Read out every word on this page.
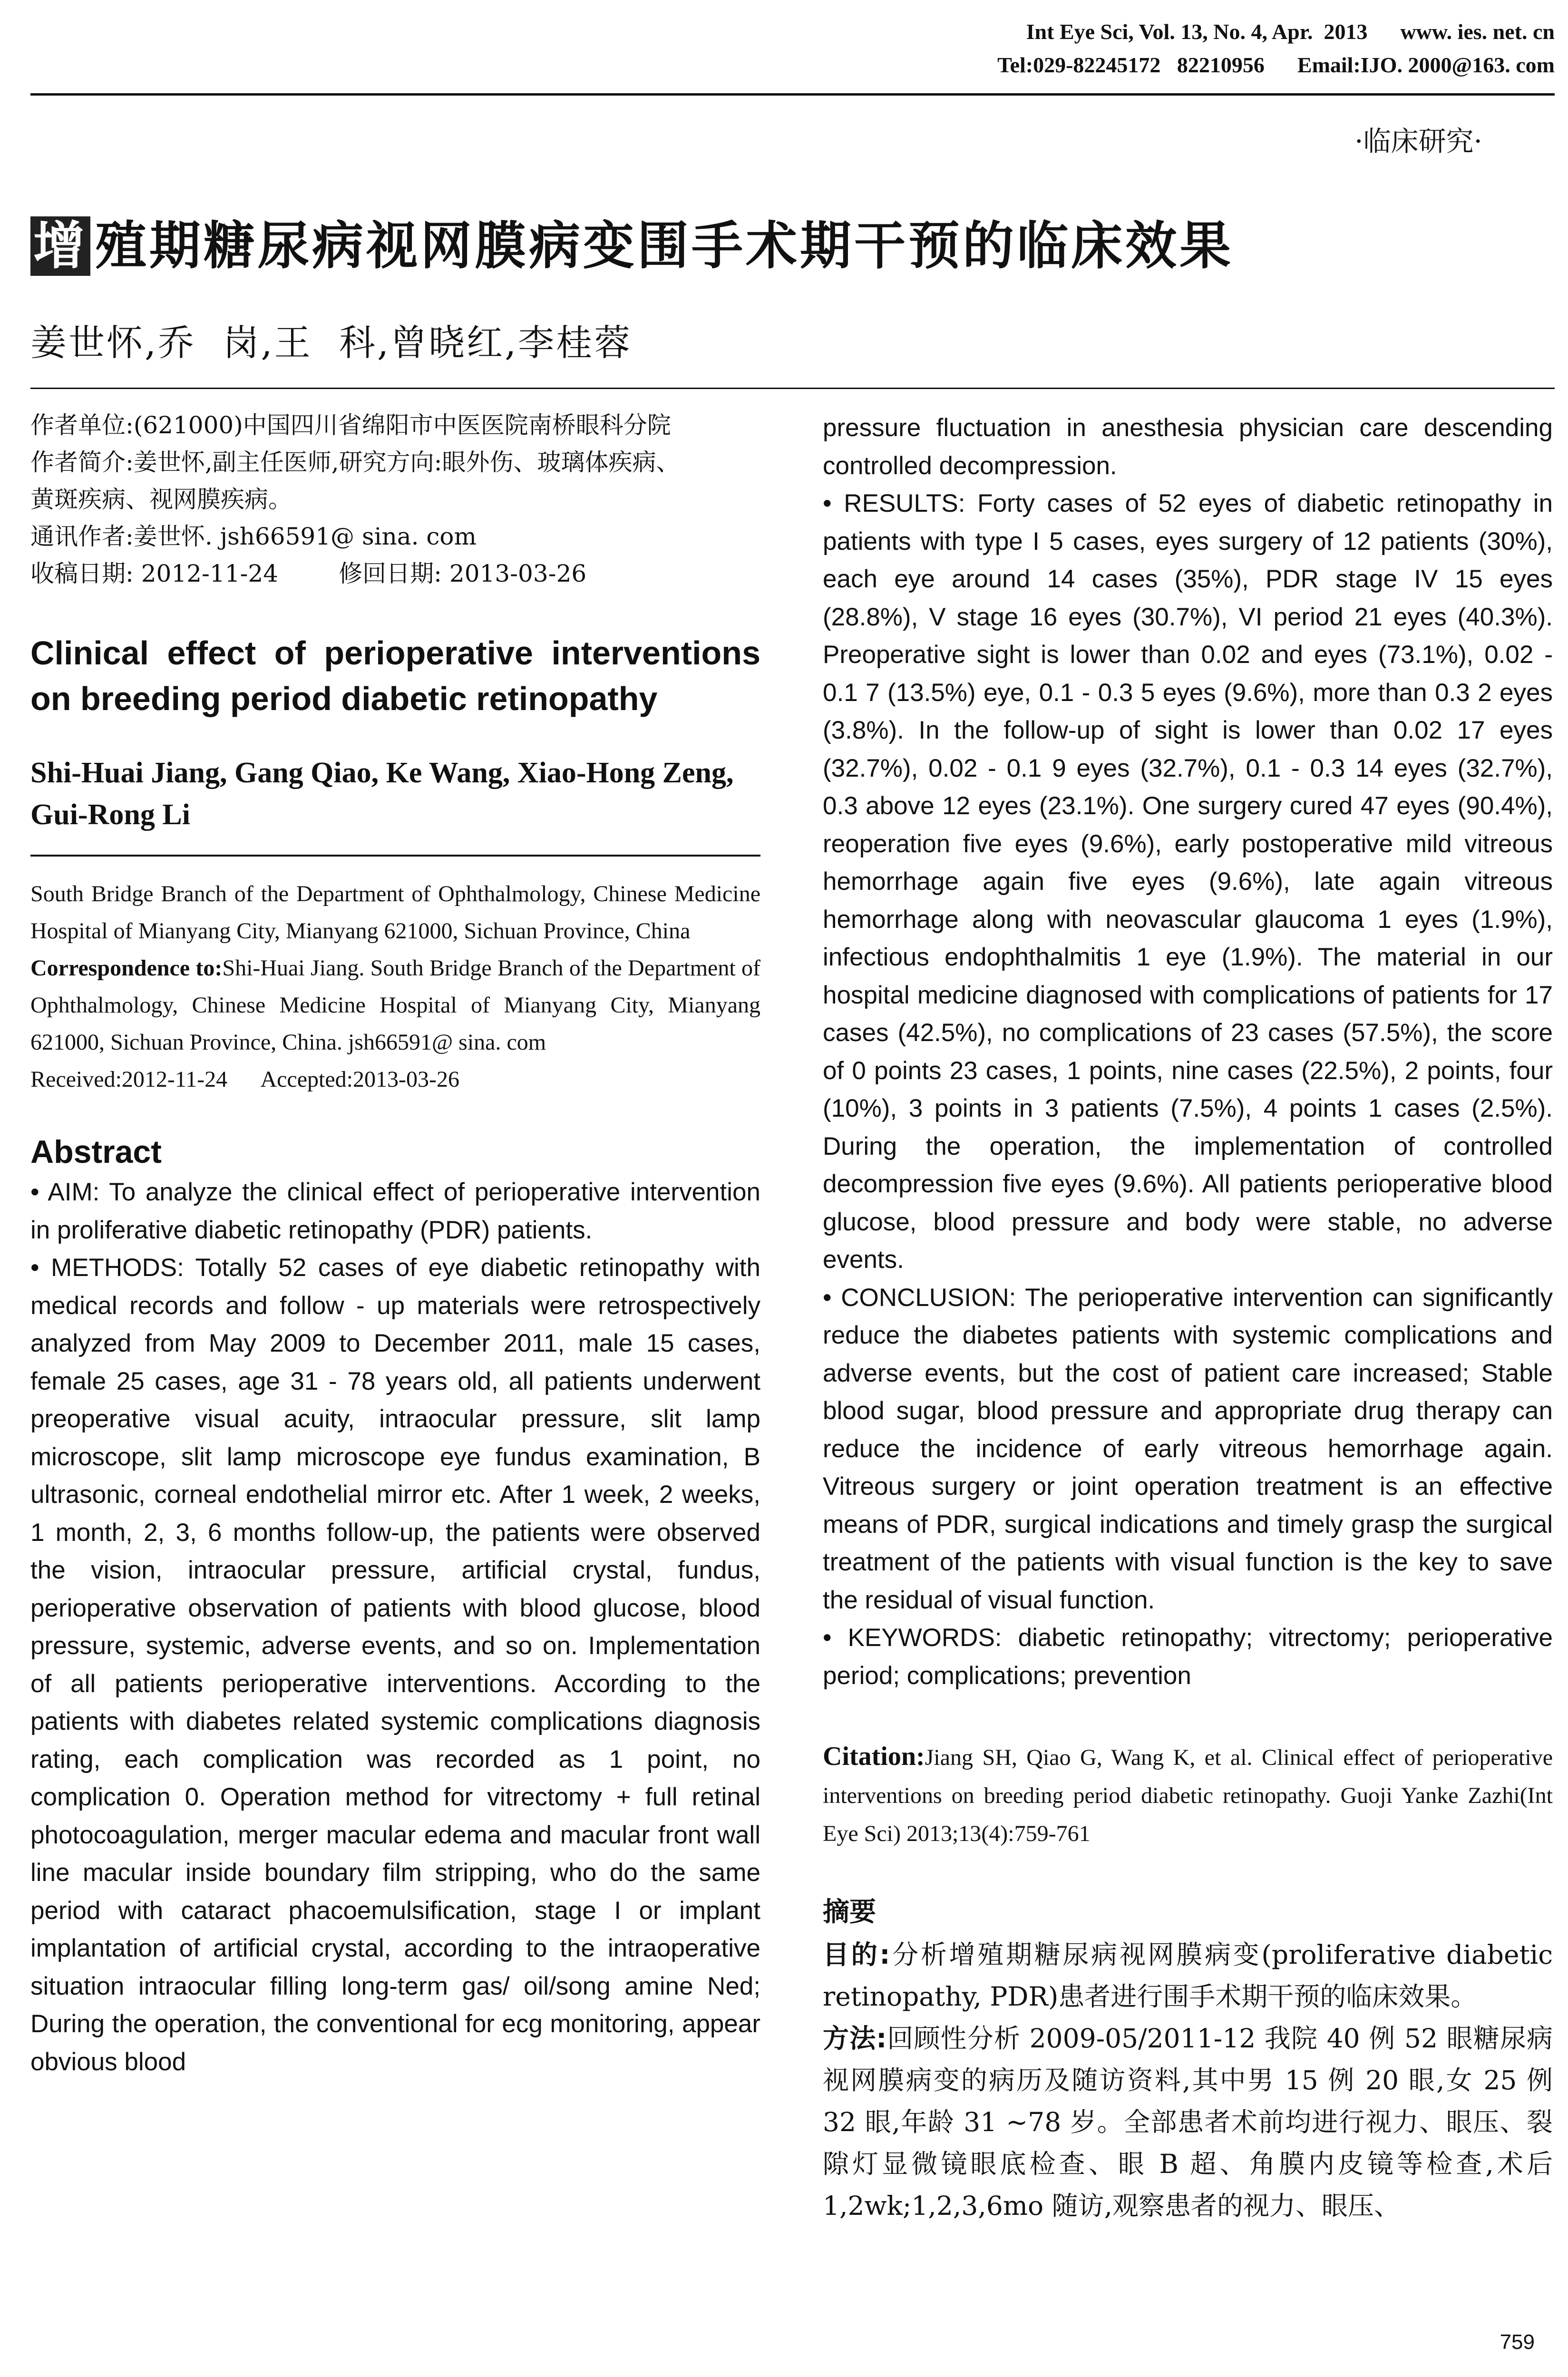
Int Eye Sci, Vol. 13, No. 4, Apr.  2013      www. ies. net. cn
Tel:029-82245172   82210956      Email:IJO. 2000@163. com
·临床研究·
增 殖期糖尿病视网膜病变围手术期干预的临床效果
姜世怀,乔  岗,王  科,曾晓红,李桂蓉
作者单位:(621000)中国四川省绵阳市中医医院南桥眼科分院
作者简介:姜世怀,副主任医师,研究方向:眼外伤、玻璃体疾病、
黄斑疾病、视网膜疾病。
通讯作者:姜世怀. jsh66591@ sina. com
收稿日期: 2012-11-24        修回日期: 2013-03-26
Clinical effect of perioperative interventions on breeding period diabetic retinopathy
Shi-Huai Jiang, Gang Qiao, Ke Wang, Xiao-Hong Zeng, Gui-Rong Li
South Bridge Branch of the Department of Ophthalmology, Chinese Medicine Hospital of Mianyang City, Mianyang 621000, Sichuan Province, China
Correspondence to:Shi-Huai Jiang. South Bridge Branch of the Department of Ophthalmology, Chinese Medicine Hospital of Mianyang City, Mianyang 621000, Sichuan Province, China. jsh66591@ sina. com
Received:2012-11-24      Accepted:2013-03-26
Abstract

• AIM: To analyze the clinical effect of perioperative intervention in proliferative diabetic retinopathy (PDR) patients.

• METHODS: Totally 52 cases of eye diabetic retinopathy with medical records and follow - up materials were retrospectively analyzed from May 2009 to December 2011, male 15 cases, female 25 cases, age 31 - 78 years old, all patients underwent preoperative visual acuity, intraocular pressure, slit lamp microscope, slit lamp microscope eye fundus examination, B ultrasonic, corneal endothelial mirror etc. After 1 week, 2 weeks, 1 month, 2, 3, 6 months follow-up, the patients were observed the vision, intraocular pressure, artificial crystal, fundus, perioperative observation of patients with blood glucose, blood pressure, systemic, adverse events, and so on. Implementation of all patients perioperative interventions. According to the patients with diabetes related systemic complications diagnosis rating, each complication was recorded as 1 point, no complication 0. Operation method for vitrectomy + full retinal photocoagulation, merger macular edema and macular front wall line macular inside boundary film stripping, who do the same period with cataract phacoemulsification, stage I or implant implantation of artificial crystal, according to the intraoperative situation intraocular filling long-term gas/ oil/song amine Ned; During the operation, the conventional for ecg monitoring, appear obvious blood

pressure fluctuation in anesthesia physician care descending controlled decompression.

• RESULTS: Forty cases of 52 eyes of diabetic retinopathy in patients with type I 5 cases, eyes surgery of 12 patients (30%), each eye around 14 cases (35%), PDR stage IV 15 eyes (28.8%), V stage 16 eyes (30.7%), VI period 21 eyes (40.3%). Preoperative sight is lower than 0.02 and eyes (73.1%), 0.02 - 0.1 7 (13.5%) eye, 0.1 - 0.3 5 eyes (9.6%), more than 0.3 2 eyes (3.8%). In the follow-up of sight is lower than 0.02 17 eyes (32.7%), 0.02 - 0.1 9 eyes (32.7%), 0.1 - 0.3 14 eyes (32.7%), 0.3 above 12 eyes (23.1%). One surgery cured 47 eyes (90.4%), reoperation five eyes (9.6%), early postoperative mild vitreous hemorrhage again five eyes (9.6%), late again vitreous hemorrhage along with neovascular glaucoma 1 eyes (1.9%), infectious endophthalmitis 1 eye (1.9%). The material in our hospital medicine diagnosed with complications of patients for 17 cases (42.5%), no complications of 23 cases (57.5%), the score of 0 points 23 cases, 1 points, nine cases (22.5%), 2 points, four (10%), 3 points in 3 patients (7.5%), 4 points 1 cases (2.5%). During the operation, the implementation of controlled decompression five eyes (9.6%). All patients perioperative blood glucose, blood pressure and body were stable, no adverse events.

• CONCLUSION: The perioperative intervention can significantly reduce the diabetes patients with systemic complications and adverse events, but the cost of patient care increased; Stable blood sugar, blood pressure and appropriate drug therapy can reduce the incidence of early vitreous hemorrhage again. Vitreous surgery or joint operation treatment is an effective means of PDR, surgical indications and timely grasp the surgical treatment of the patients with visual function is the key to save the residual of visual function.

• KEYWORDS: diabetic retinopathy; vitrectomy; perioperative period; complications; prevention

Citation:Jiang SH, Qiao G, Wang K, et al. Clinical effect of perioperative interventions on breeding period diabetic retinopathy. Guoji Yanke Zazhi(Int Eye Sci) 2013;13(4):759-761
摘要

目的:分析增殖期糖尿病视网膜病变(proliferative diabetic retinopathy, PDR)患者进行围手术期干预的临床效果。

方法:回顾性分析 2009-05/2011-12 我院 40 例 52 眼糖尿病视网膜病变的病历及随访资料,其中男 15 例 20 眼,女 25 例 32 眼,年龄 31 ~78 岁。全部患者术前均进行视力、眼压、裂隙灯显微镜眼底检查、眼 B 超、角膜内皮镜等检查,术后 1,2wk;1,2,3,6mo 随访,观察患者的视力、眼压、

759
